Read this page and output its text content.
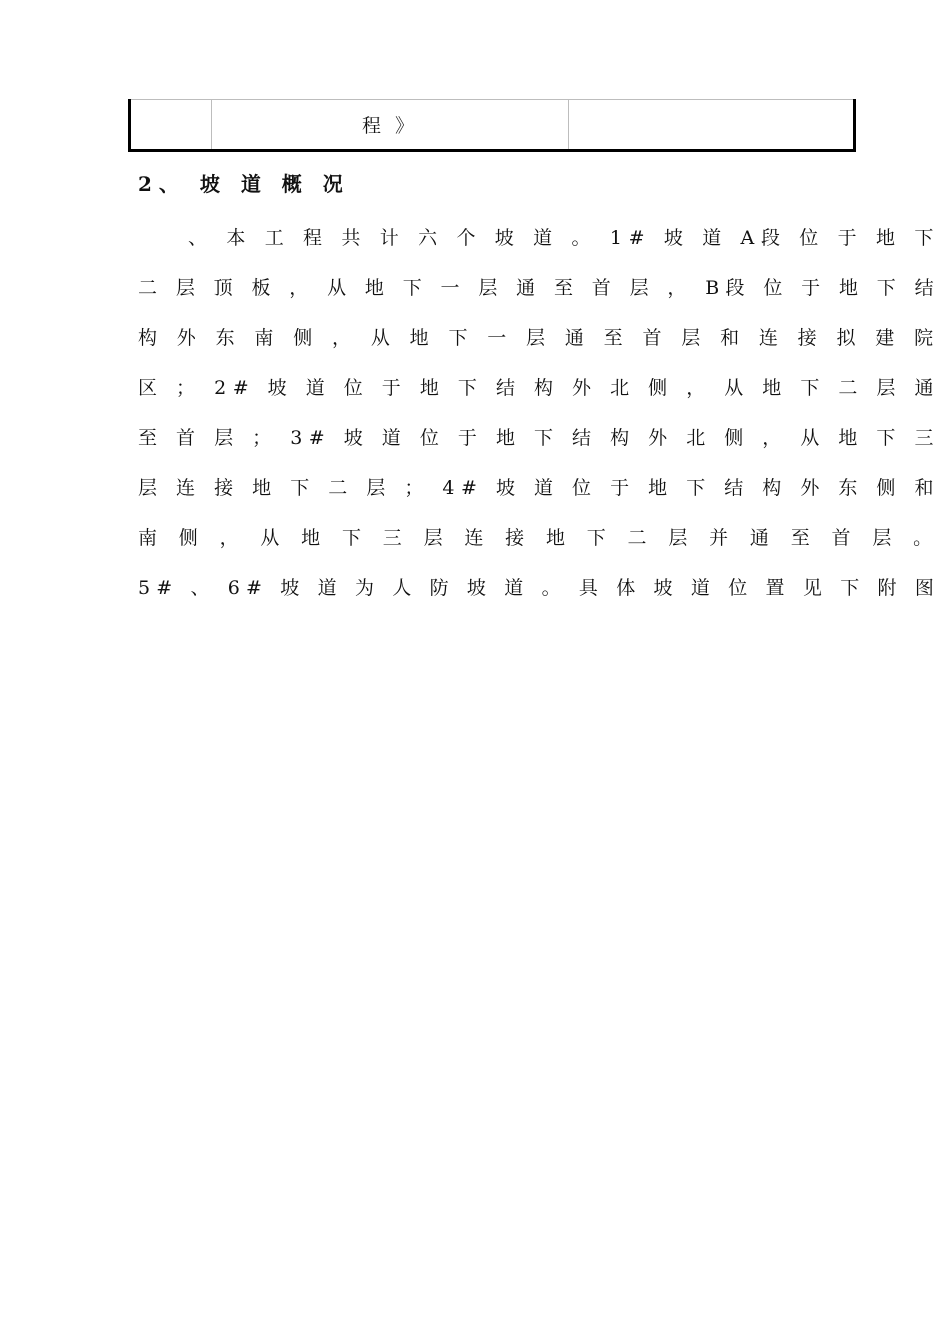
	程 》	
2、 坡 道 概 况
、 本 工 程 共 计 六 个 坡 道 。 1# 坡 道 A段 位 于 地 下
二 层 顶 板 ， 从 地 下 一 层 通 至 首 层 ， B段 位 于 地 下 结
构 外 东 南 侧 ， 从 地 下 一 层 通 至 首 层 和 连 接 拟 建 院
区 ； 2# 坡 道 位 于 地 下 结 构 外 北 侧 ， 从 地 下 二 层 通
至 首 层 ； 3# 坡 道 位 于 地 下 结 构 外 北 侧 ， 从 地 下 三
层 连 接 地 下 二 层 ； 4# 坡 道 位 于 地 下 结 构 外 东 侧 和
南 侧 ， 从 地 下 三 层 连 接 地 下 二 层 并 通 至 首 层 。
5# 、 6# 坡 道 为 人 防 坡 道 。 具 体 坡 道 位 置 见 下 附 图
